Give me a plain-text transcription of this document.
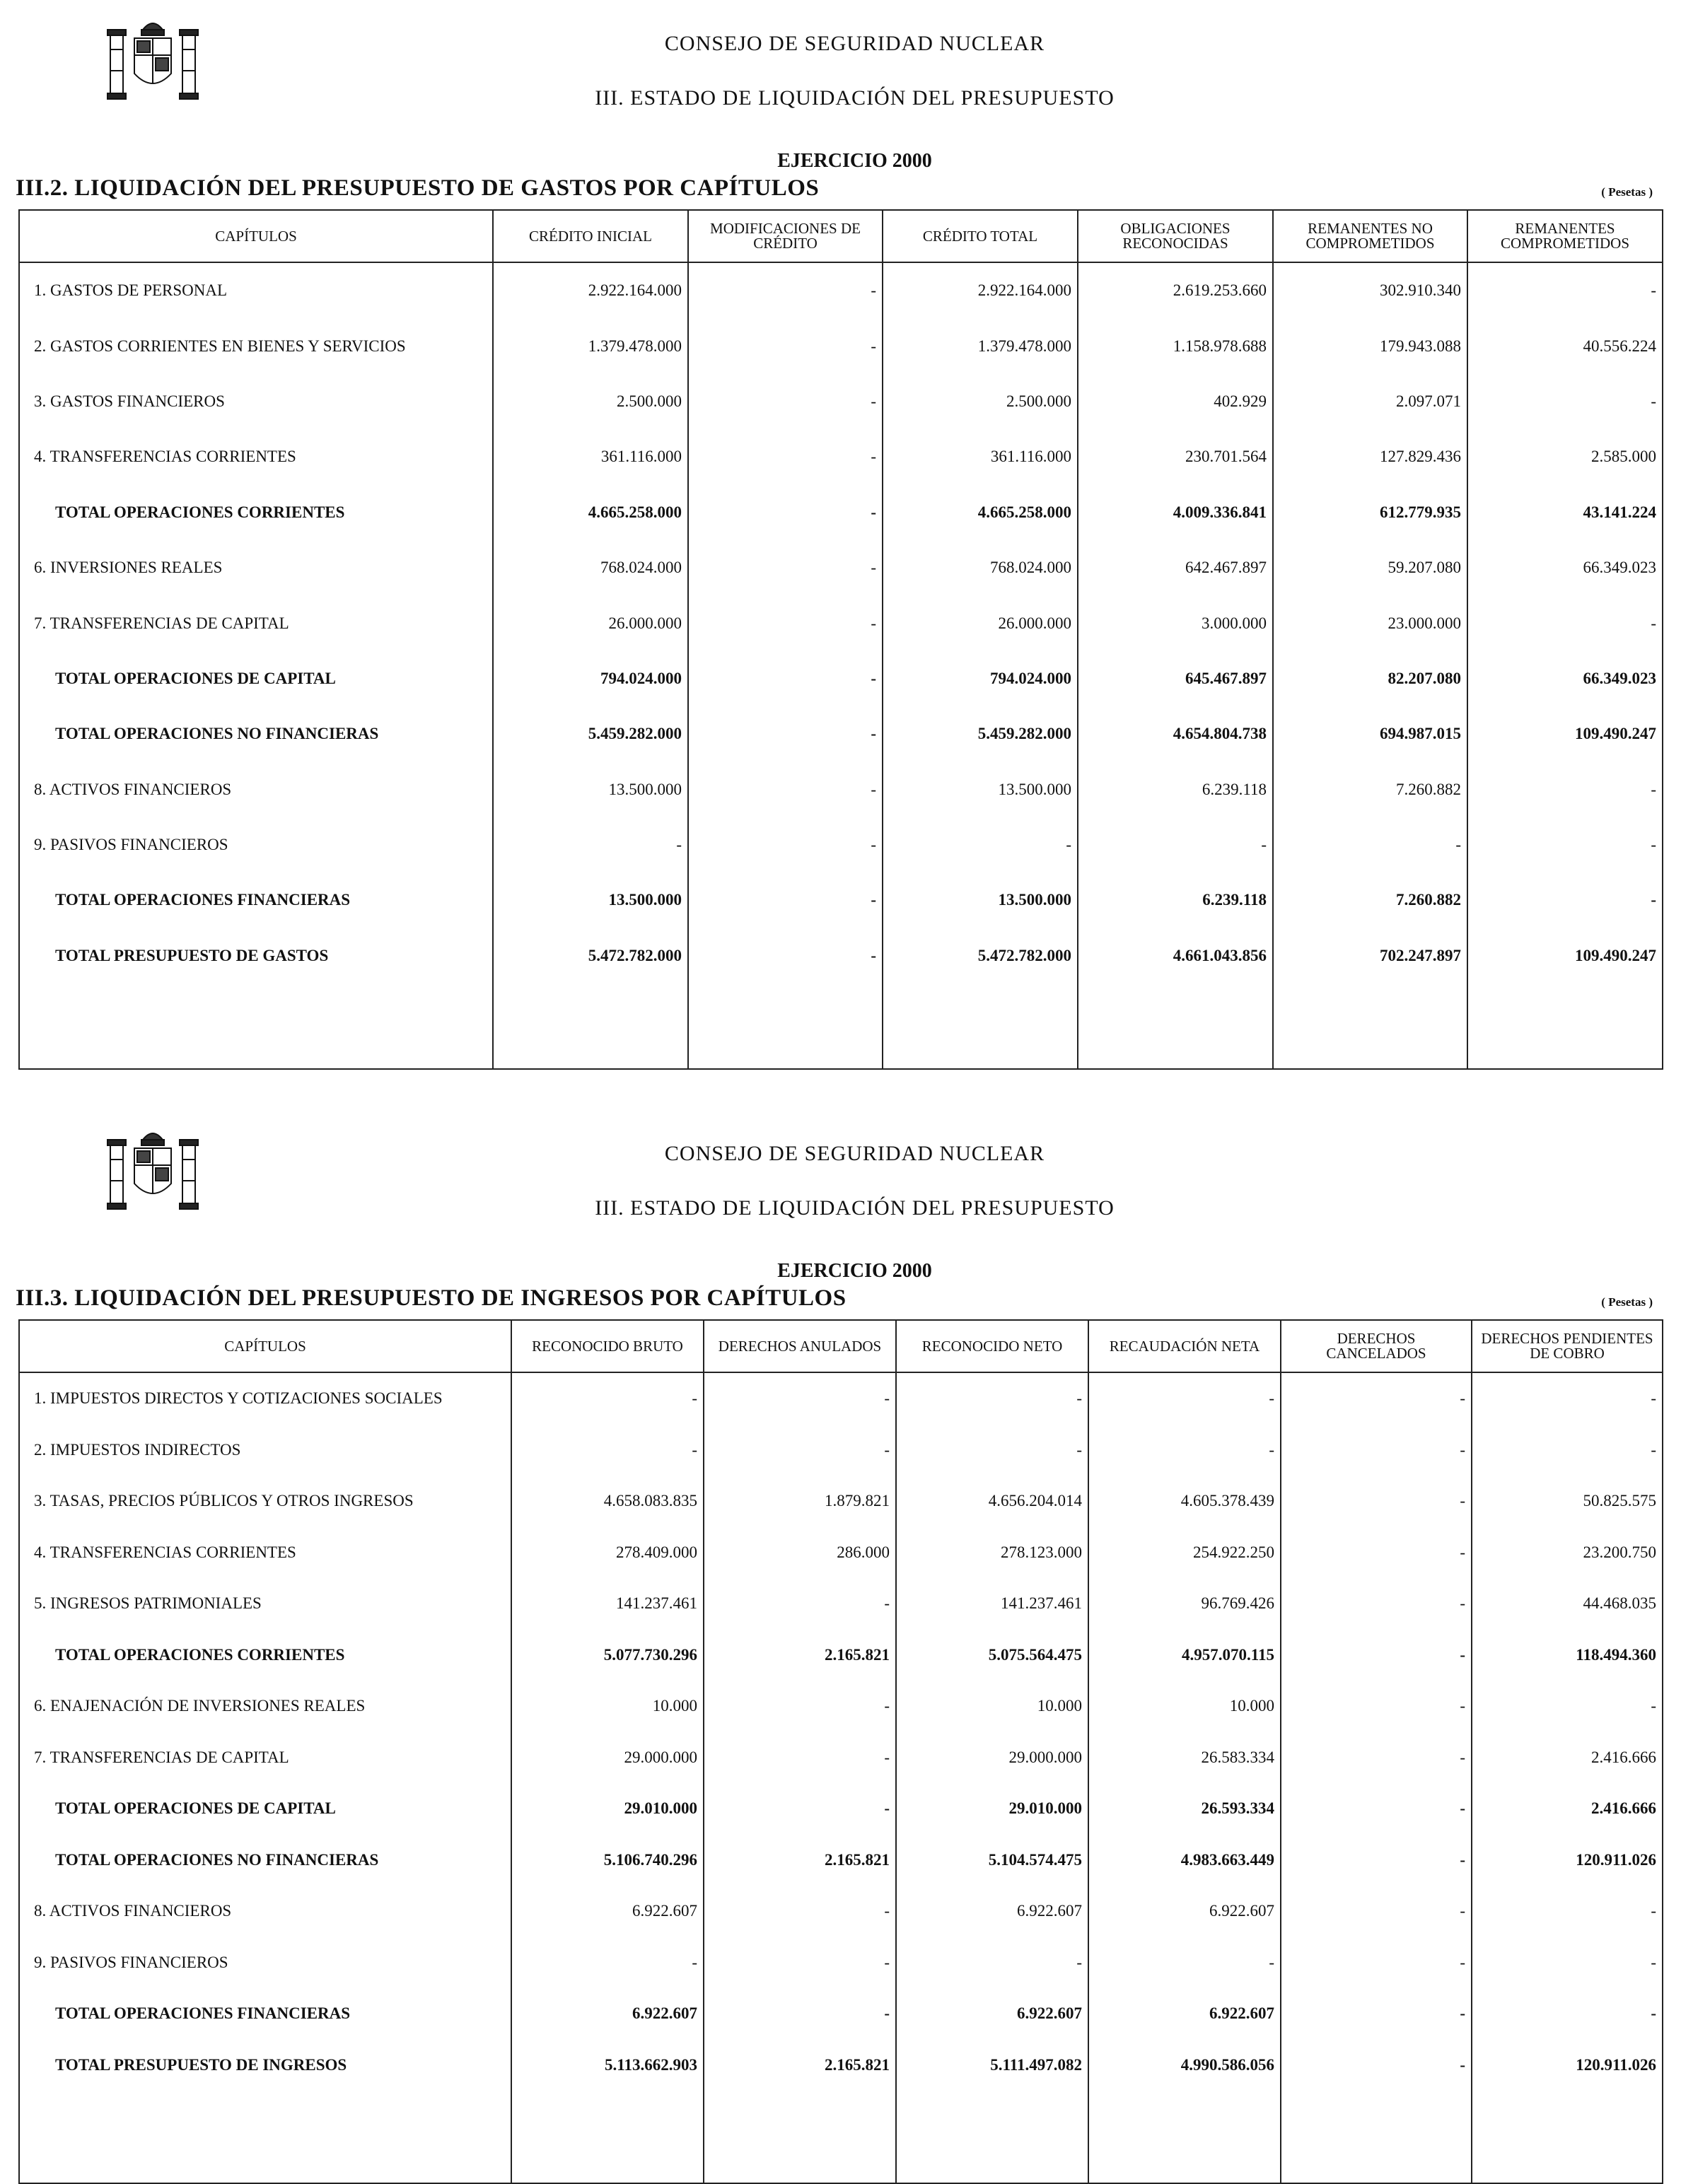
CONSEJO DE SEGURIDAD NUCLEAR
III. ESTADO DE LIQUIDACIÓN DEL PRESUPUESTO
EJERCICIO 2000
III.2. LIQUIDACIÓN DEL PRESUPUESTO DE GASTOS POR CAPÍTULOS	( Pesetas )
CAPÍTULOS	CRÉDITO INICIAL	MODIFICACIONES DE CRÉDITO	CRÉDITO TOTAL	OBLIGACIONES RECONOCIDAS	REMANENTES NO COMPROMETIDOS	REMANENTES COMPROMETIDOS
1. GASTOS DE PERSONAL	2.922.164.000	-	2.922.164.000	2.619.253.660	302.910.340	-
2. GASTOS CORRIENTES EN BIENES Y SERVICIOS	1.379.478.000	-	1.379.478.000	1.158.978.688	179.943.088	40.556.224
3. GASTOS FINANCIEROS	2.500.000	-	2.500.000	402.929	2.097.071	-
4. TRANSFERENCIAS CORRIENTES	361.116.000	-	361.116.000	230.701.564	127.829.436	2.585.000
TOTAL OPERACIONES CORRIENTES	4.665.258.000	-	4.665.258.000	4.009.336.841	612.779.935	43.141.224
6. INVERSIONES REALES	768.024.000	-	768.024.000	642.467.897	59.207.080	66.349.023
7. TRANSFERENCIAS DE CAPITAL	26.000.000	-	26.000.000	3.000.000	23.000.000	-
TOTAL OPERACIONES DE CAPITAL	794.024.000	-	794.024.000	645.467.897	82.207.080	66.349.023
TOTAL OPERACIONES NO FINANCIERAS	5.459.282.000	-	5.459.282.000	4.654.804.738	694.987.015	109.490.247
8. ACTIVOS FINANCIEROS	13.500.000	-	13.500.000	6.239.118	7.260.882	-
9. PASIVOS FINANCIEROS	-	-	-	-	-	-
TOTAL OPERACIONES FINANCIERAS	13.500.000	-	13.500.000	6.239.118	7.260.882	-
TOTAL PRESUPUESTO DE GASTOS	5.472.782.000	-	5.472.782.000	4.661.043.856	702.247.897	109.490.247

CONSEJO DE SEGURIDAD NUCLEAR
III. ESTADO DE LIQUIDACIÓN DEL PRESUPUESTO
EJERCICIO 2000
III.3. LIQUIDACIÓN DEL PRESUPUESTO DE INGRESOS POR CAPÍTULOS	( Pesetas )
CAPÍTULOS	RECONOCIDO BRUTO	DERECHOS ANULADOS	RECONOCIDO NETO	RECAUDACIÓN NETA	DERECHOS CANCELADOS	DERECHOS PENDIENTES DE COBRO
1. IMPUESTOS DIRECTOS Y COTIZACIONES SOCIALES	-	-	-	-	-	-
2. IMPUESTOS INDIRECTOS	-	-	-	-	-	-
3. TASAS, PRECIOS PÚBLICOS Y OTROS INGRESOS	4.658.083.835	1.879.821	4.656.204.014	4.605.378.439	-	50.825.575
4. TRANSFERENCIAS CORRIENTES	278.409.000	286.000	278.123.000	254.922.250	-	23.200.750
5. INGRESOS PATRIMONIALES	141.237.461	-	141.237.461	96.769.426	-	44.468.035
TOTAL OPERACIONES CORRIENTES	5.077.730.296	2.165.821	5.075.564.475	4.957.070.115	-	118.494.360
6. ENAJENACIÓN DE INVERSIONES REALES	10.000	-	10.000	10.000	-	-
7. TRANSFERENCIAS DE CAPITAL	29.000.000	-	29.000.000	26.583.334	-	2.416.666
TOTAL OPERACIONES DE CAPITAL	29.010.000	-	29.010.000	26.593.334	-	2.416.666
TOTAL OPERACIONES NO FINANCIERAS	5.106.740.296	2.165.821	5.104.574.475	4.983.663.449	-	120.911.026
8. ACTIVOS FINANCIEROS	6.922.607	-	6.922.607	6.922.607	-	-
9. PASIVOS FINANCIEROS	-	-	-	-	-	-
TOTAL OPERACIONES FINANCIERAS	6.922.607	-	6.922.607	6.922.607	-	-
TOTAL PRESUPUESTO DE INGRESOS	5.113.662.903	2.165.821	5.111.497.082	4.990.586.056	-	120.911.026
